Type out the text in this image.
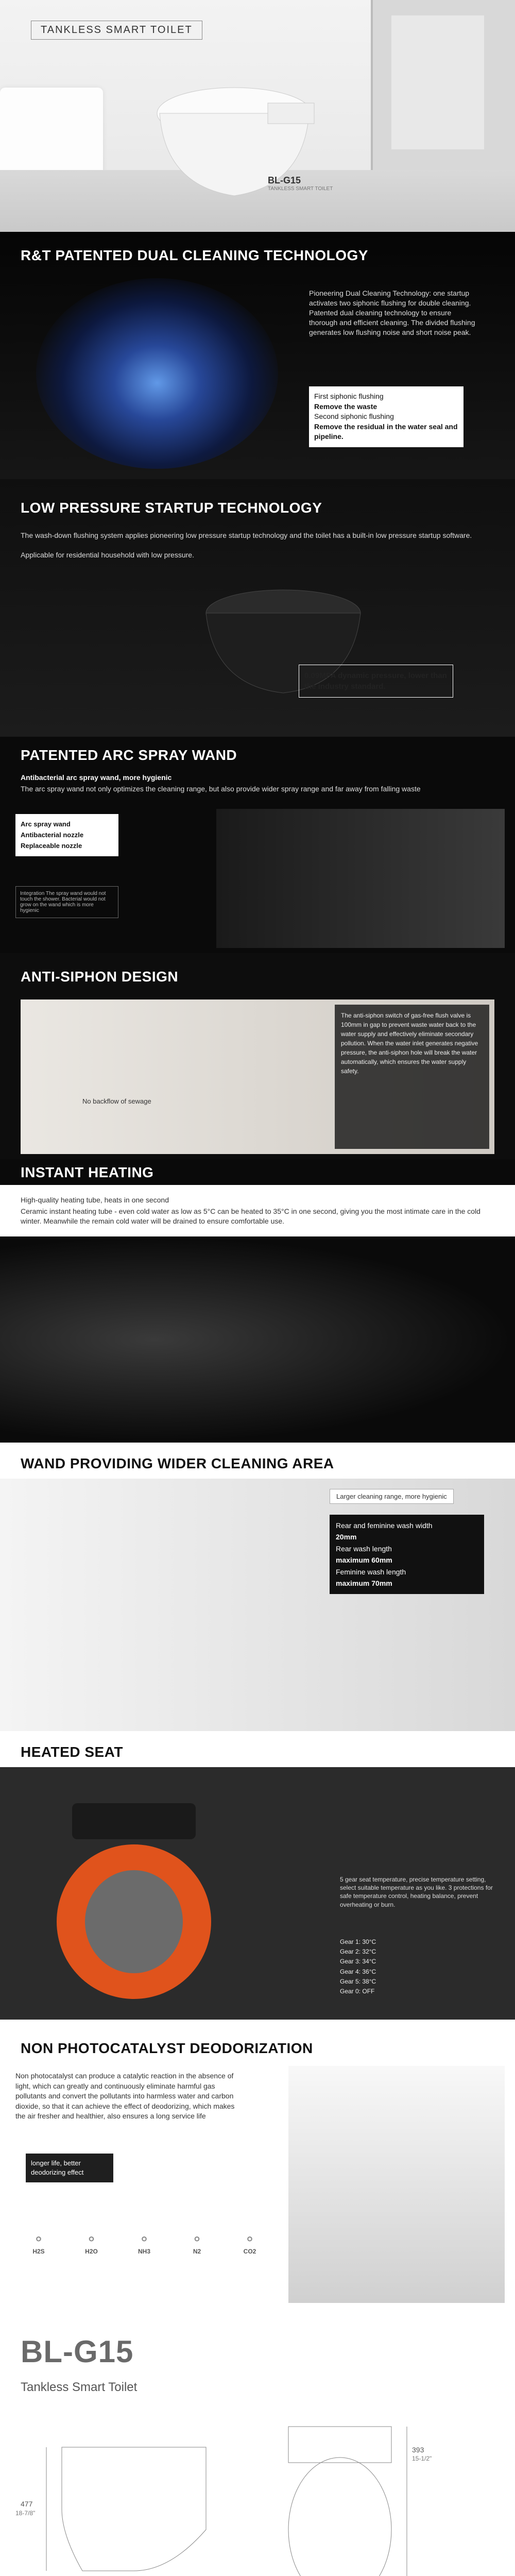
TANKLESS SMART TOILET
BL-G15
TANKLESS SMART TOILET
R&T PATENTED DUAL CLEANING TECHNOLOGY
Pioneering Dual Cleaning Technology: one startup activates two siphonic flushing for double cleaning. Patented dual cleaning technology to ensure thorough and efficient cleaning. The divided flushing generates low flushing noise and short noise peak.
First siphonic flushing
Remove the waste
Second siphonic flushing
Remove the residual in the water seal and pipeline.
LOW PRESSURE STARTUP TECHNOLOGY
The wash-down flushing system applies pioneering low pressure startup technology and the toilet has a built-in low pressure startup software.
Applicable for residential household with low pressure.
0.09MPA dynamic pressure, lower than the industry standard.
PATENTED ARC SPRAY WAND
Antibacterial arc spray wand, more hygienic
The arc spray wand not only optimizes the cleaning range, but also provide wider spray range and far away from falling waste
Arc spray wand
Antibacterial nozzle
Replaceable nozzle
Integration The spray wand would not touch the shower. Bacterial would not grow on the wand which is more hygienic
ANTI-SIPHON DESIGN
No backflow of sewage
The anti-siphon switch of gas-free flush valve is 100mm in gap to prevent waste water back to the water supply and effectively eliminate secondary pollution. When the water inlet generates negative pressure, the anti-siphon hole will break the water automatically, which ensures the water supply safety.
INSTANT HEATING
High-quality heating tube, heats in one second
Ceramic instant heating tube - even cold water as low as 5°C can be heated to 35°C in one second, giving you the most intimate care in the cold winter. Meanwhile the remain cold water will be drained to ensure comfortable use.
WAND PROVIDING WIDER CLEANING AREA
Larger cleaning range, more hygienic
Rear and feminine wash width
20mm
Rear wash length
maximum 60mm
Feminine wash length
maximum 70mm
HEATED SEAT
5 gear seat temperature, precise temperature setting, select suitable temperature as you like. 3 protections for safe temperature control, heating balance, prevent overheating or burn.
Gear 1: 30°C
Gear 2: 32°C
Gear 3: 34°C
Gear 4: 36°C
Gear 5: 38°C
Gear 0: OFF
NON PHOTOCATALYST DEODORIZATION
Non photocatalyst can produce a catalytic reaction in the absence of light, which can greatly and continuously eliminate harmful gas pollutants and convert the pollutants into harmless water and carbon dioxide, so that it can achieve the effect of deodorizing, which makes the air fresher and healthier, also ensures a long service life
longer life, better deodorizing effect
⚬
H2S
⚬
H2O
⚬
NH3
⚬
N2
⚬
CO2
BL-G15
Tankless Smart Toilet
477
18-7/8"
393
15-1/2"
